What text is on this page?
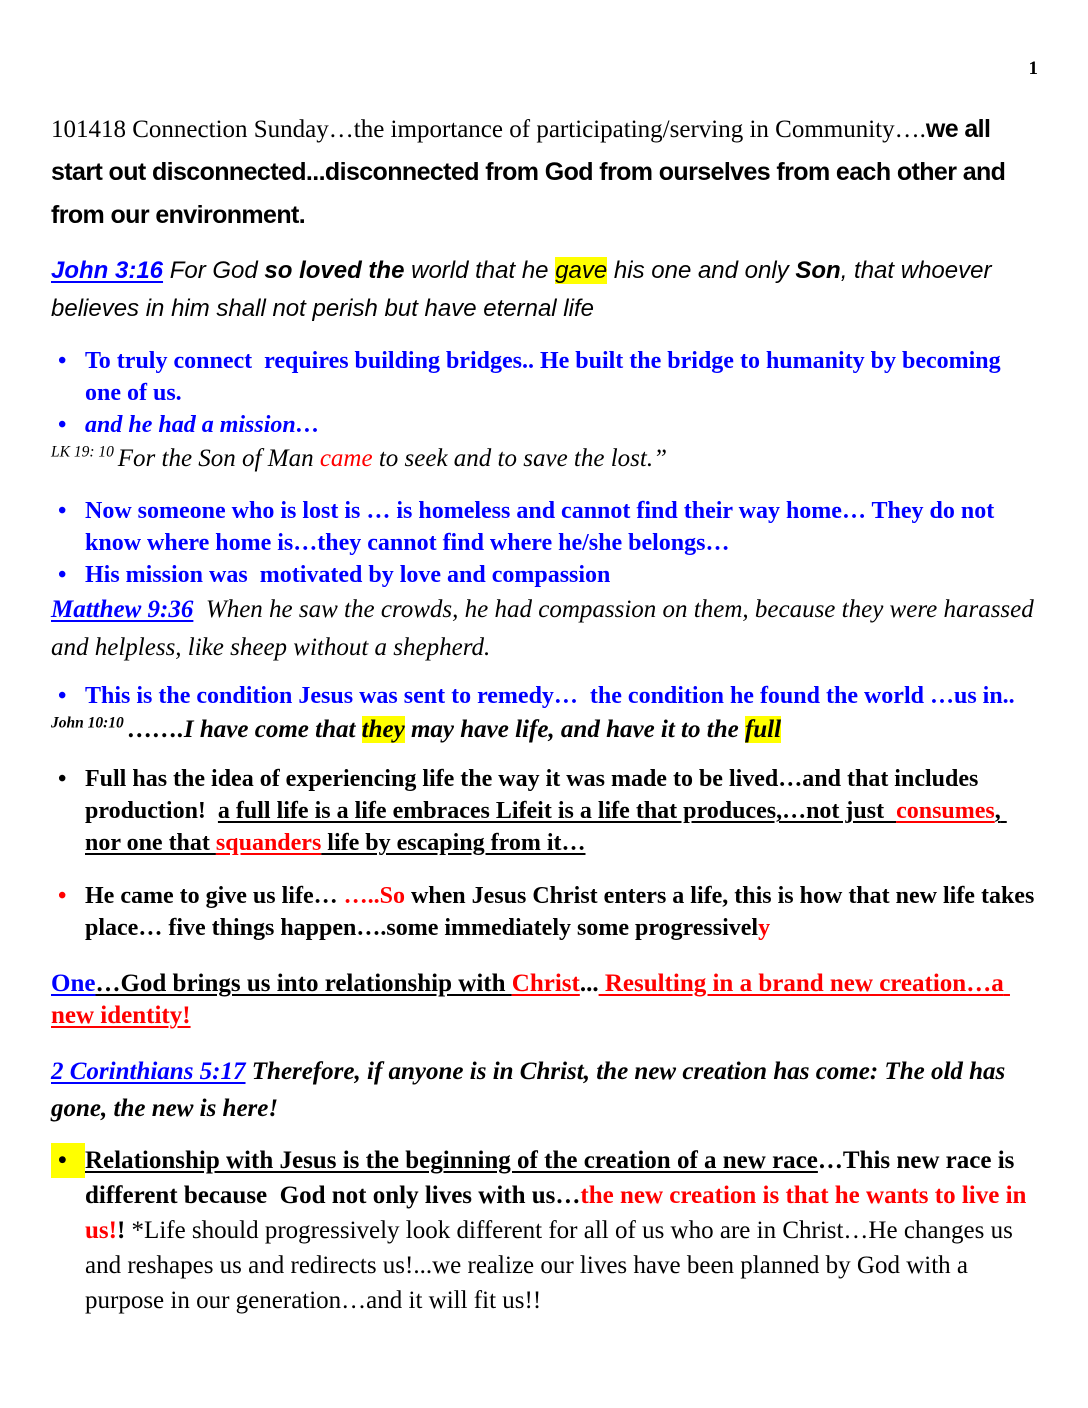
1
101418 Connection Sunday…the importance of participating/serving in Community….we all start out disconnected...disconnected from God from ourselves from each other and from our environment.
John 3:16 For God so loved the world that he gave his one and only Son, that whoever believes in him shall not perish but have eternal life
• To truly connect  requires building bridges.. He built the bridge to humanity by becoming one of us.
• and he had a mission…
$^{LK 19: 10}$ For the Son of Man came to seek and to save the lost.”
• Now someone who is lost is … is homeless and cannot find their way home… They do not know where home is…they cannot find where he/she belongs…
• His mission was  motivated by love and compassion
Matthew 9:36  When he saw the crowds, he had compassion on them, because they were harassed and helpless, like sheep without a shepherd.
• This is the condition Jesus was sent to remedy…  the condition he found the world …us in..
$^{John 10:10}$ …….I have come that they may have life, and have it to the full
• Full has the idea of experiencing life the way it was made to be lived…and that includes production!  a full life is a life embraces Lifeit is a life that produces,…not just  consumes, nor one that squanders life by escaping from it…
• He came to give us life… …..So when Jesus Christ enters a life, this is how that new life takes place… five things happen….some immediately some progressively
One…God brings us into relationship with Christ... Resulting in a brand new creation…a new identity!
2 Corinthians 5:17 Therefore, if anyone is in Christ, the new creation has come: The old has gone, the new is here!
• Relationship with Jesus is the beginning of the creation of a new race…This new race is different because  God not only lives with us…the new creation is that he wants to live in us!! *Life should progressively look different for all of us who are in Christ…He changes us and reshapes us and redirects us!...we realize our lives have been planned by God with a purpose in our generation…and it will fit us!!
